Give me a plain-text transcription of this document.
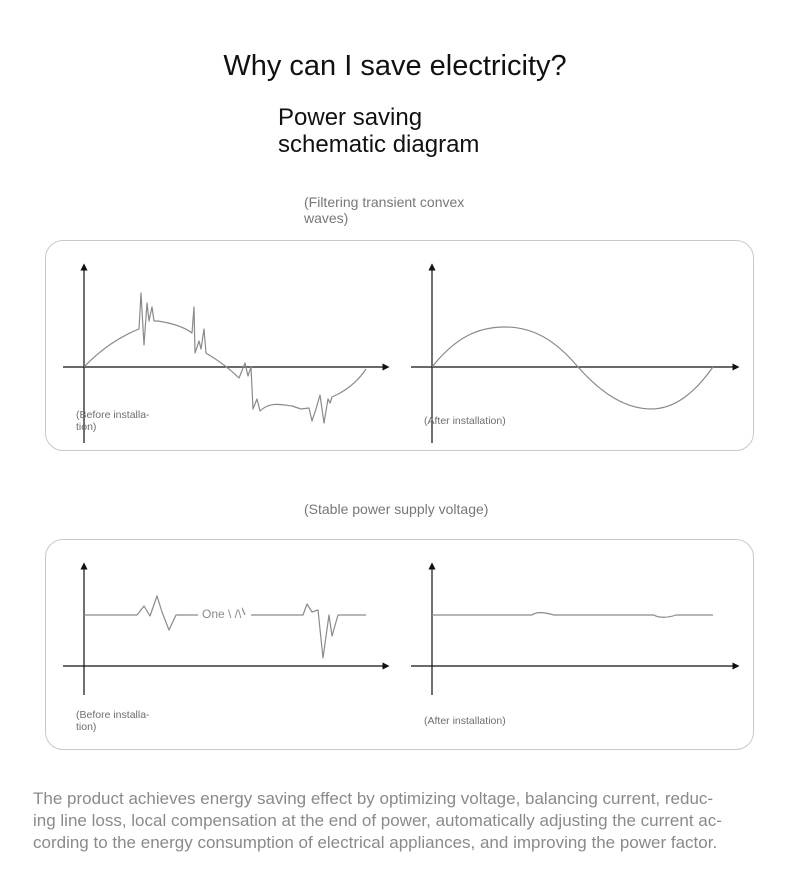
Why can I save electricity?
Power saving
schematic diagram
(Filtering transient convex
waves)
(Before installa-
tion)	(After installation)
(Stable power supply voltage)
One \ /\
(Before installa-
tion)	(After installation)
The product achieves energy saving effect by optimizing voltage, balancing current, reduc-
ing line loss, local compensation at the end of power, automatically adjusting the current ac-
cording to the energy consumption of electrical appliances, and improving the power factor.
